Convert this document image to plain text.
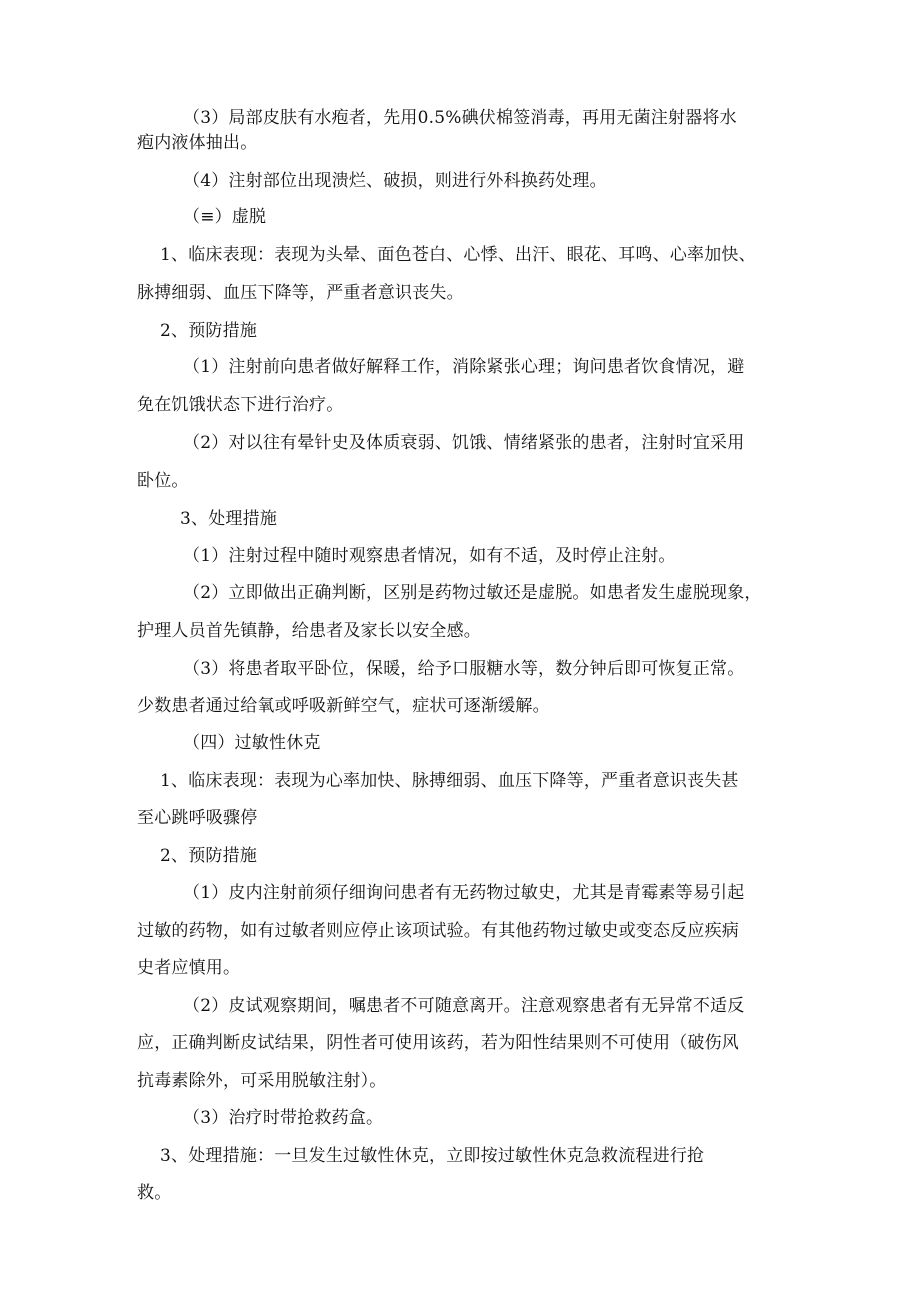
（3）局部皮肤有水疱者，先用0.5%碘伏棉签消毒，再用无菌注射器将水
疱内液体抽出。
（4）注射部位出现溃烂、破损，则进行外科换药处理。
（≡）虚脱
1、临床表现：表现为头晕、面色苍白、心悸、出汗、眼花、耳鸣、心率加快、
脉搏细弱、血压下降等，严重者意识丧失。
2、预防措施
（1）注射前向患者做好解释工作，消除紧张心理；询问患者饮食情况，避
免在饥饿状态下进行治疗。
（2）对以往有晕针史及体质衰弱、饥饿、情绪紧张的患者，注射时宜采用
卧位。
3、处理措施
（1）注射过程中随时观察患者情况，如有不适，及时停止注射。
（2）立即做出正确判断，区别是药物过敏还是虚脱。如患者发生虚脱现象，
护理人员首先镇静，给患者及家长以安全感。
（3）将患者取平卧位，保暖，给予口服糖水等，数分钟后即可恢复正常。
少数患者通过给氧或呼吸新鲜空气，症状可逐渐缓解。
（四）过敏性休克
1、临床表现：表现为心率加快、脉搏细弱、血压下降等，严重者意识丧失甚
至心跳呼吸骤停
2、预防措施
（1）皮内注射前须仔细询问患者有无药物过敏史，尤其是青霉素等易引起
过敏的药物，如有过敏者则应停止该项试验。有其他药物过敏史或变态反应疾病
史者应慎用。
（2）皮试观察期间，嘱患者不可随意离开。注意观察患者有无异常不适反
应，正确判断皮试结果，阴性者可使用该药，若为阳性结果则不可使用（破伤风
抗毒素除外，可采用脱敏注射）。
（3）治疗时带抢救药盒。
3、处理措施：一旦发生过敏性休克，立即按过敏性休克急救流程进行抢
救。
